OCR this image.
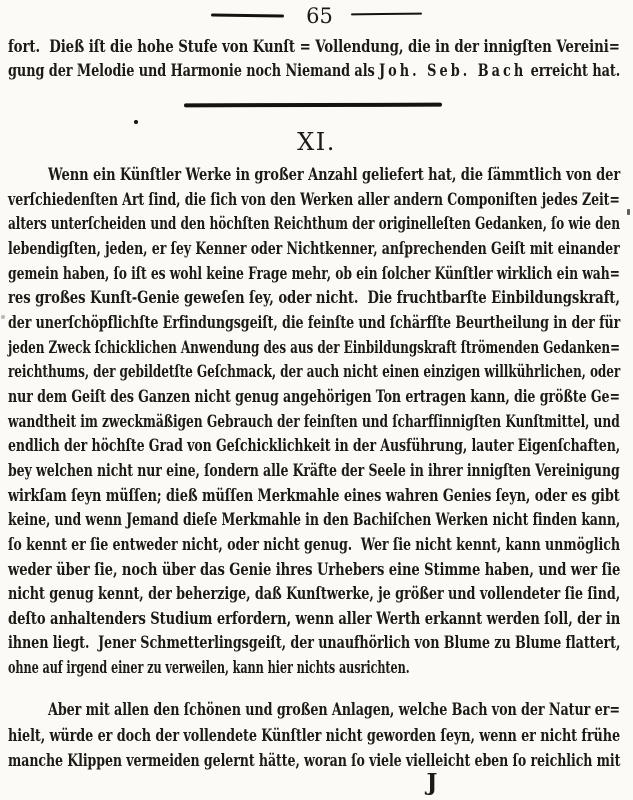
65
fort.  Dieß iſt die hohe Stufe von Kunſt = Vollendung, die in der innigſten Vereini=
gung der Melodie und Harmonie noch Niemand als Joh. Seb. Bach erreicht hat.
XI.
Wenn ein Künſtler Werke in großer Anzahl geliefert hat, die ſämmtlich von der
verſchiedenſten Art ſind, die ſich von den Werken aller andern Componiſten jedes Zeit=
alters unterſcheiden und den höchſten Reichthum der originelleſten Gedanken, ſo wie den
lebendigſten, jeden, er ſey Kenner oder Nichtkenner, anſprechenden Geiſt mit einander
gemein haben, ſo iſt es wohl keine Frage mehr, ob ein ſolcher Künſtler wirklich ein wah=
res großes Kunſt-Genie geweſen ſey, oder nicht.  Die fruchtbarſte Einbildungskraft,
der unerſchöpflichſte Erfindungsgeiſt, die feinſte und ſchärfſte Beurtheilung in der für
jeden Zweck ſchicklichen Anwendung des aus der Einbildungskraft ſtrömenden Gedanken=
reichthums, der gebildetſte Geſchmack, der auch nicht einen einzigen willkührlichen, oder
nur dem Geiſt des Ganzen nicht genug angehörigen Ton ertragen kann, die größte Ge=
wandtheit im zweckmäßigen Gebrauch der feinſten und ſcharfſinnigſten Kunſtmittel, und
endlich der höchſte Grad von Geſchicklichkeit in der Ausführung, lauter Eigenſchaften,
bey welchen nicht nur eine, ſondern alle Kräfte der Seele in ihrer innigſten Vereinigung
wirkſam ſeyn müſſen; dieß müſſen Merkmahle eines wahren Genies ſeyn, oder es gibt
keine, und wenn Jemand dieſe Merkmahle in den Bachiſchen Werken nicht finden kann,
ſo kennt er ſie entweder nicht, oder nicht genug.  Wer ſie nicht kennt, kann unmöglich
weder über ſie, noch über das Genie ihres Urhebers eine Stimme haben, und wer ſie
nicht genug kennt, der beherzige, daß Kunſtwerke, je größer und vollendeter ſie ſind,
deſto anhaltenders Studium erfordern, wenn aller Werth erkannt werden ſoll, der in
ihnen liegt.  Jener Schmetterlingsgeiſt, der unaufhörlich von Blume zu Blume flattert,
ohne auf irgend einer zu verweilen, kann hier nichts ausrichten.
Aber mit allen den ſchönen und großen Anlagen, welche Bach von der Natur er=
hielt, würde er doch der vollendete Künſtler nicht geworden ſeyn, wenn er nicht frühe
manche Klippen vermeiden gelernt hätte, woran ſo viele vielleicht eben ſo reichlich mit
J
